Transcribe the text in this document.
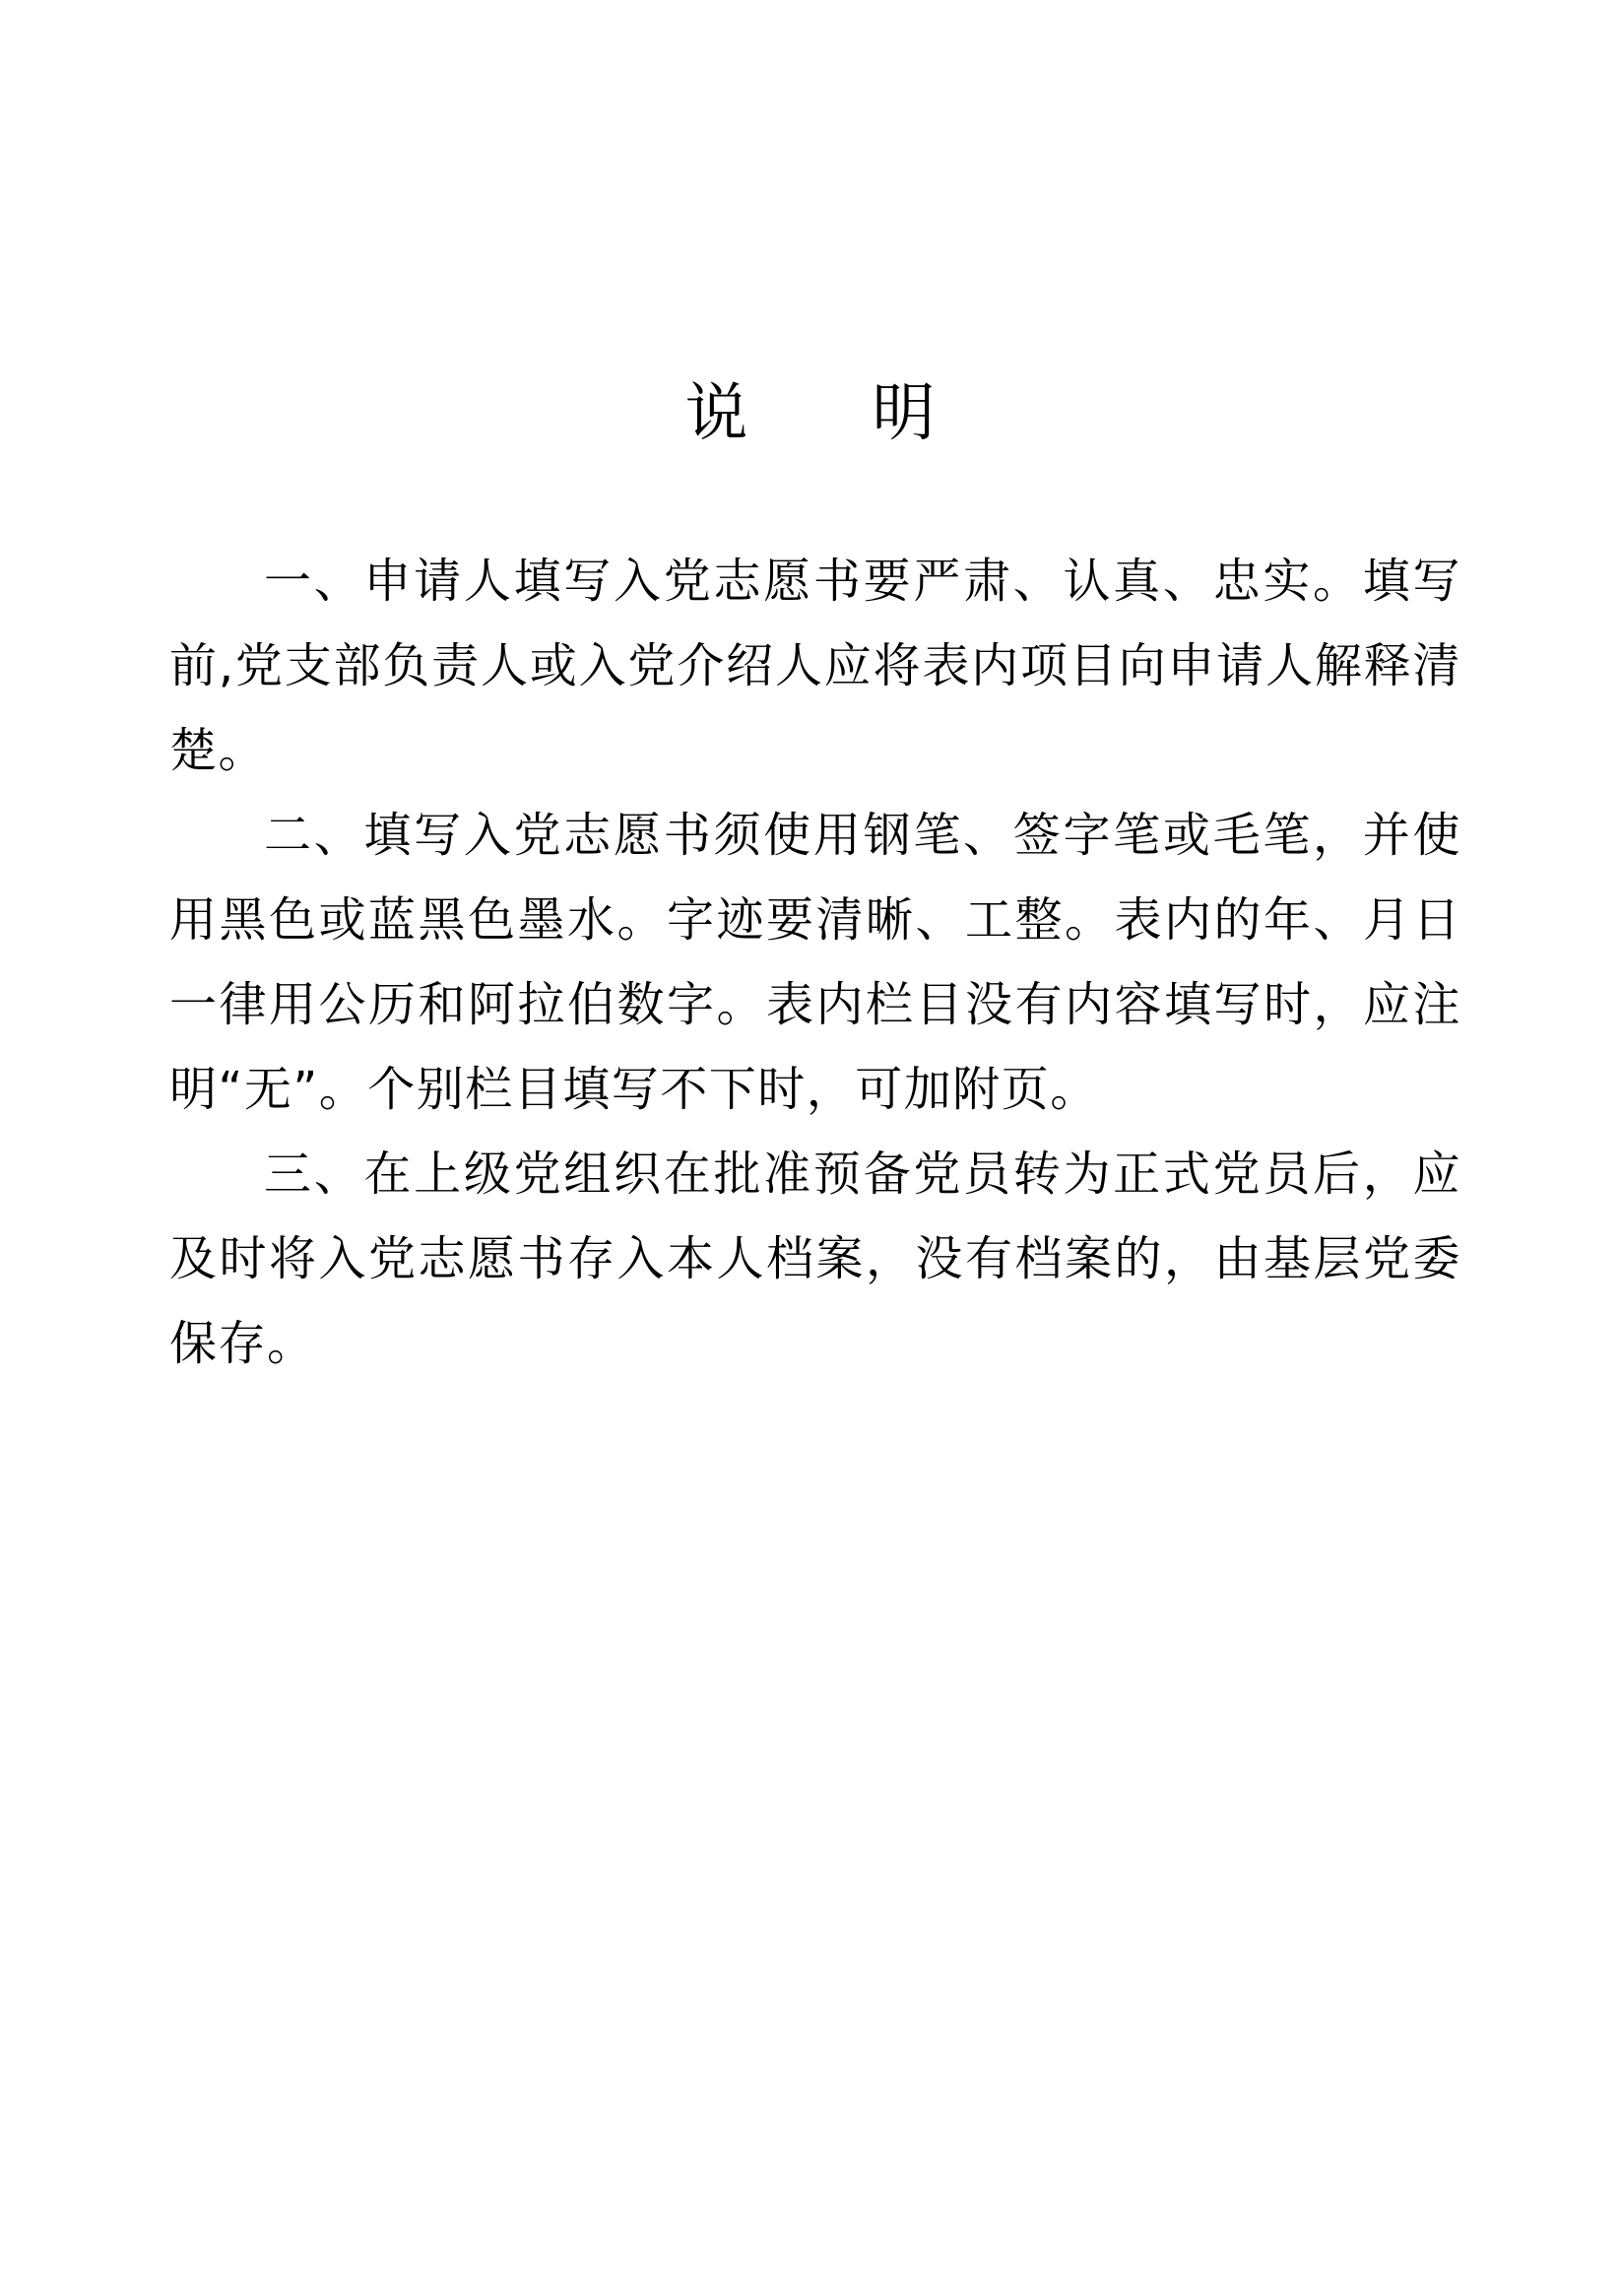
说 明

一、申请人填写入党志愿书要严肃、认真、忠实。填写前,党支部负责人或入党介绍人应将表内项目向申请人解释清楚。

二、填写入党志愿书须使用钢笔、签字笔或毛笔，并使用黑色或蓝黑色墨水。字迹要清晰、工整。表内的年、月日一律用公历和阿拉伯数字。表内栏目没有内容填写时，应注明“无”。个别栏目填写不下时，可加附页。

三、在上级党组织在批准预备党员转为正式党员后，应及时将入党志愿书存入本人档案，没有档案的，由基层党委保存。
